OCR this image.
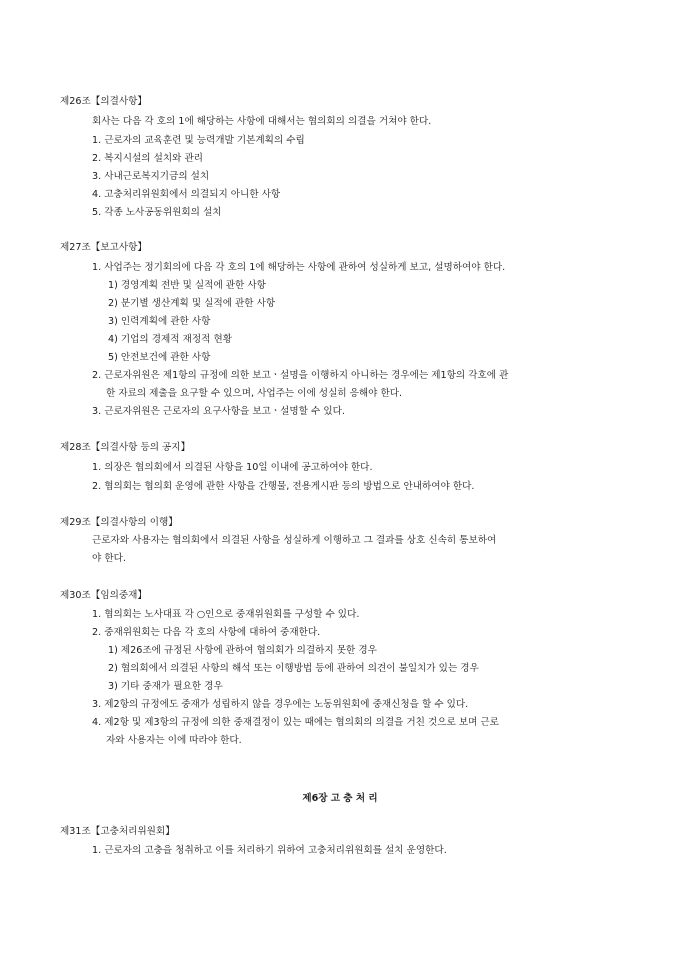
제26조【의결사항】
회사는 다음 각 호의 1에 해당하는 사항에 대해서는 협의회의 의결을 거쳐야 한다.
1. 근로자의 교육훈련 및 능력개발 기본계획의 수립
2. 복지시설의 설치와 관리
3. 사내근로복지기금의 설치
4. 고충처리위원회에서 의결되지 아니한 사항
5. 각종 노사공동위원회의 설치
제27조【보고사항】
1. 사업주는 정기회의에 다음 각 호의 1에 해당하는 사항에 관하여 성실하게 보고, 설명하여야 한다.
1) 경영계획 전반 및 실적에 관한 사항
2) 분기별 생산계획 및 실적에 관한 사항
3) 인력계획에 관한 사항
4) 기업의 경제적 재정적 현황
5) 안전보건에 관한 사항
2. 근로자위원은 제1항의 규정에 의한 보고ㆍ설명을 이행하지 아니하는 경우에는 제1항의 각호에 관
한 자료의 제출을 요구할 수 있으며, 사업주는 이에 성실히 응해야 한다.
3. 근로자위원은 근로자의 요구사항을 보고ㆍ설명할 수 있다.
제28조【의결사항 등의 공지】
1. 의장은 협의회에서 의결된 사항을 10일 이내에 공고하여야 한다.
2. 협의회는 협의회 운영에 관한 사항을 간행물, 전용게시판 등의 방법으로 안내하여야 한다.
제29조【의결사항의 이행】
근로자와 사용자는 협의회에서 의결된 사항을 성실하게 이행하고 그 결과를 상호 신속히 통보하여
야 한다.
제30조【임의중재】
1. 협의회는 노사대표 각 ○인으로 중재위원회를 구성할 수 있다.
2. 중재위원회는 다음 각 호의 사항에 대하여 중재한다.
1) 제26조에 규정된 사항에 관하여 협의회가 의결하지 못한 경우
2) 협의회에서 의결된 사항의 해석 또는 이행방법 등에 관하여 의견이 불일치가 있는 경우
3) 기타 중재가 필요한 경우
3. 제2항의 규정에도 중재가 성립하지 않을 경우에는 노동위원회에 중재신청을 할 수 있다.
4. 제2항 및 제3항의 규정에 의한 중재결정이 있는 때에는 협의회의 의결을 거친 것으로 보며 근로
자와 사용자는 이에 따라야 한다.
제6장 고 충 처 리
제31조【고충처리위원회】
1. 근로자의 고충을 청취하고 이를 처리하기 위하여 고충처리위원회를 설치 운영한다.
